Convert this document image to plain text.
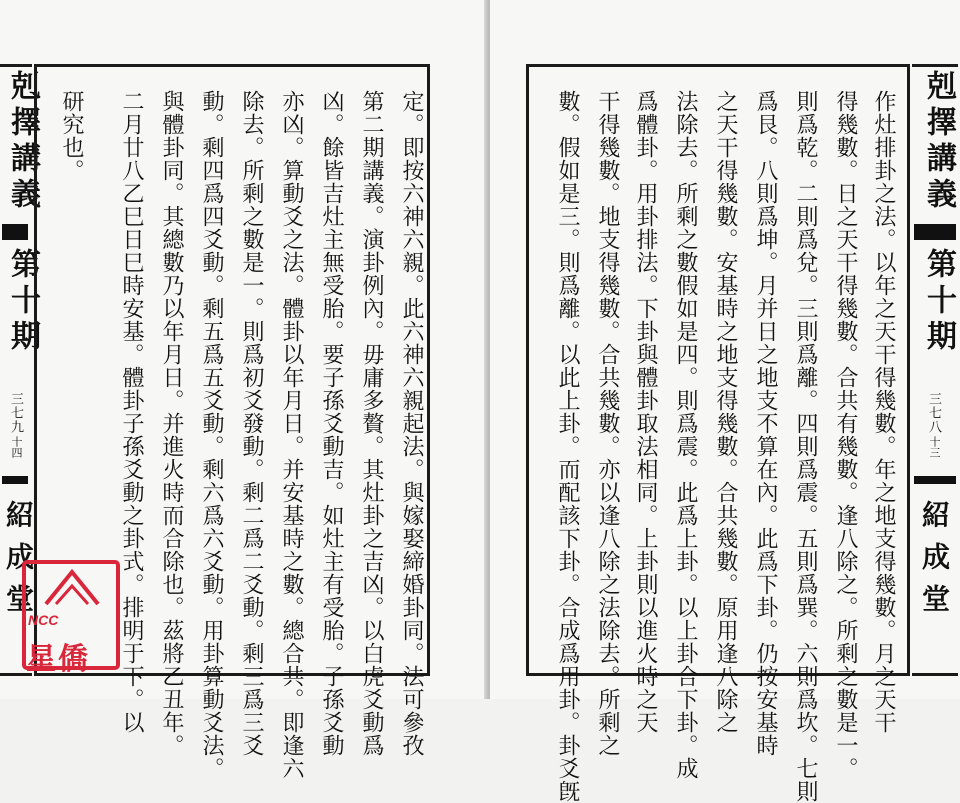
剋擇講義
第十期
三七九
十四
紹成堂	定。即按六神六親。此六神六親起法。與嫁娶締婚卦同。法可參孜
第二期講義。演卦例內。毋庸多贅。其灶卦之吉凶。以白虎爻動爲
凶。餘皆吉灶主無受胎。要子孫爻動吉。如灶主有受胎。子孫爻動
亦凶。算動爻之法。體卦以年月日。并安基時之數。總合共。即逢六
除去。所剩之數是一。則爲初爻發動。剩二爲二爻動。剩三爲三爻
動。剩四爲四爻動。剩五爲五爻動。剩六爲六爻動。用卦算動爻法。
與體卦同。其總數乃以年月日。并進火時而合除也。茲將乙丑年。
二月廿八乙巳日巳時安基。體卦子孫爻動之卦式。排明于下。以
研究也。	作灶排卦之法。以年之天干得幾數。年之地支得幾數。月之天干
得幾數。日之天干得幾數。合共有幾數。逢八除之。所剩之數是一。
則爲乾。二則爲兌。三則爲離。四則爲震。五則爲巽。六則爲坎。七則
爲艮。八則爲坤。月并日之地支不算在內。此爲下卦。仍按安基時
之天干得幾數。安基時之地支得幾數。合共幾數。原用逢八除之
法除去。所剩之數假如是四。則爲震。此爲上卦。以上卦合下卦。成
爲體卦。用卦排法。下卦與體卦取法相同。上卦則以進火時之天
干得幾數。地支得幾數。合共幾數。亦以逢八除之法除去。所剩之
數。假如是三。則爲離。以此上卦。而配該下卦。合成爲用卦。卦爻旣	剋擇講義
第十期
三七八
十三
紹成堂
NCC
星僑
